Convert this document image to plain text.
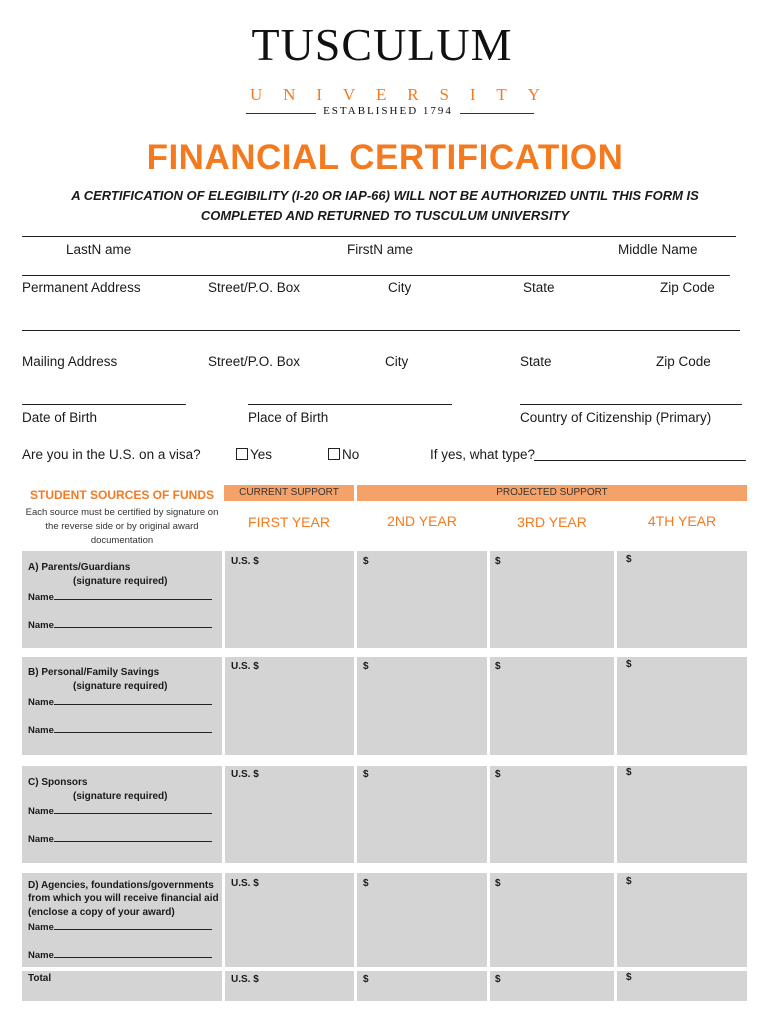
TUSCULUM
U N I V E R S I T Y
ESTABLISHED 1794
FINANCIAL CERTIFICATION
A CERTIFICATION OF ELEGIBILITY (I-20 OR IAP-66) WILL NOT BE AUTHORIZED UNTIL THIS FORM IS COMPLETED AND RETURNED TO TUSCULUM UNIVERSITY
LastN ame	FirstN ame	Middle Name
Permanent Address	Street/P.O. Box	City	State	Zip Code
Mailing Address	Street/P.O. Box	City	State	Zip Code
Date of Birth	Place of Birth	Country of Citizenship (Primary)
Are you in the U.S. on a visa?	Yes	No	If yes, what type?
STUDENT SOURCES OF FUNDS
Each source must be certified by signature on the reverse side or by original award documentation
CURRENT SUPPORT	PROJECTED SUPPORT
FIRST YEAR	2ND YEAR	3RD YEAR	4TH YEAR
A) Parents/Guardians
(signature required)
Name
Name
U.S. $	$	$	$
B) Personal/Family Savings
(signature required)
Name
Name
U.S. $	$	$	$
C) Sponsors
(signature required)
Name
Name
U.S. $	$	$	$
D) Agencies, foundations/governments
from which you will receive financial aid
(enclose a copy of your award)
Name
Name
U.S. $	$	$	$
Total	U.S. $	$	$	$
